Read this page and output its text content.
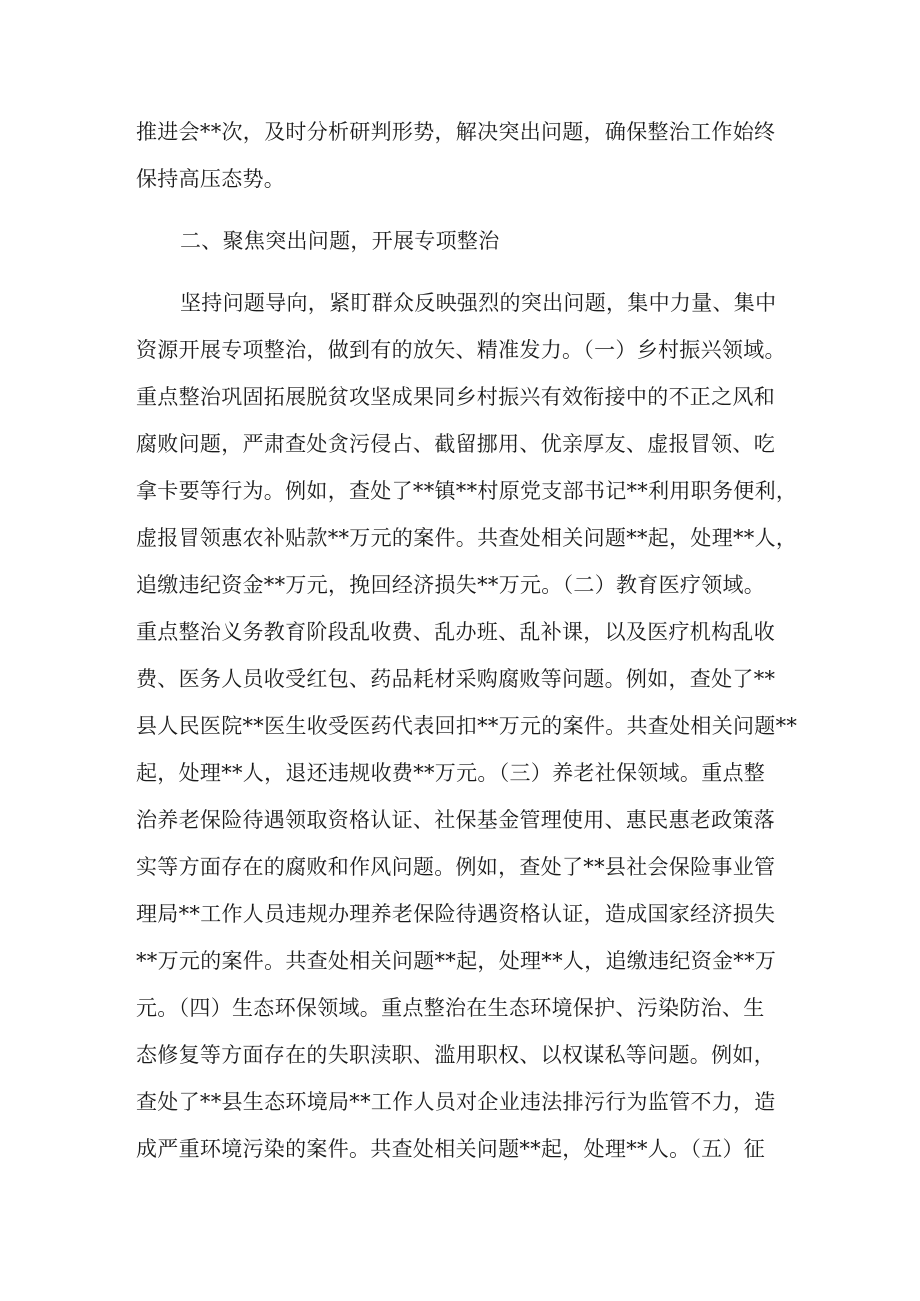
推进会**次，及时分析研判形势，解决突出问题，确保整治工作始终
保持高压态势。
二、聚焦突出问题，开展专项整治
坚持问题导向，紧盯群众反映强烈的突出问题，集中力量、集中
资源开展专项整治，做到有的放矢、精准发力。（一）乡村振兴领域。
重点整治巩固拓展脱贫攻坚成果同乡村振兴有效衔接中的不正之风和
腐败问题，严肃查处贪污侵占、截留挪用、优亲厚友、虚报冒领、吃
拿卡要等行为。例如，查处了**镇**村原党支部书记**利用职务便利，
虚报冒领惠农补贴款**万元的案件。共查处相关问题**起，处理**人，
追缴违纪资金**万元，挽回经济损失**万元。（二）教育医疗领域。
重点整治义务教育阶段乱收费、乱办班、乱补课，以及医疗机构乱收
费、医务人员收受红包、药品耗材采购腐败等问题。例如，查处了**
县人民医院**医生收受医药代表回扣**万元的案件。共查处相关问题**
起，处理**人，退还违规收费**万元。（三）养老社保领域。重点整
治养老保险待遇领取资格认证、社保基金管理使用、惠民惠老政策落
实等方面存在的腐败和作风问题。例如，查处了**县社会保险事业管
理局**工作人员违规办理养老保险待遇资格认证，造成国家经济损失
**万元的案件。共查处相关问题**起，处理**人，追缴违纪资金**万
元。（四）生态环保领域。重点整治在生态环境保护、污染防治、生
态修复等方面存在的失职渎职、滥用职权、以权谋私等问题。例如，
查处了**县生态环境局**工作人员对企业违法排污行为监管不力，造
成严重环境污染的案件。共查处相关问题**起，处理**人。（五）征
